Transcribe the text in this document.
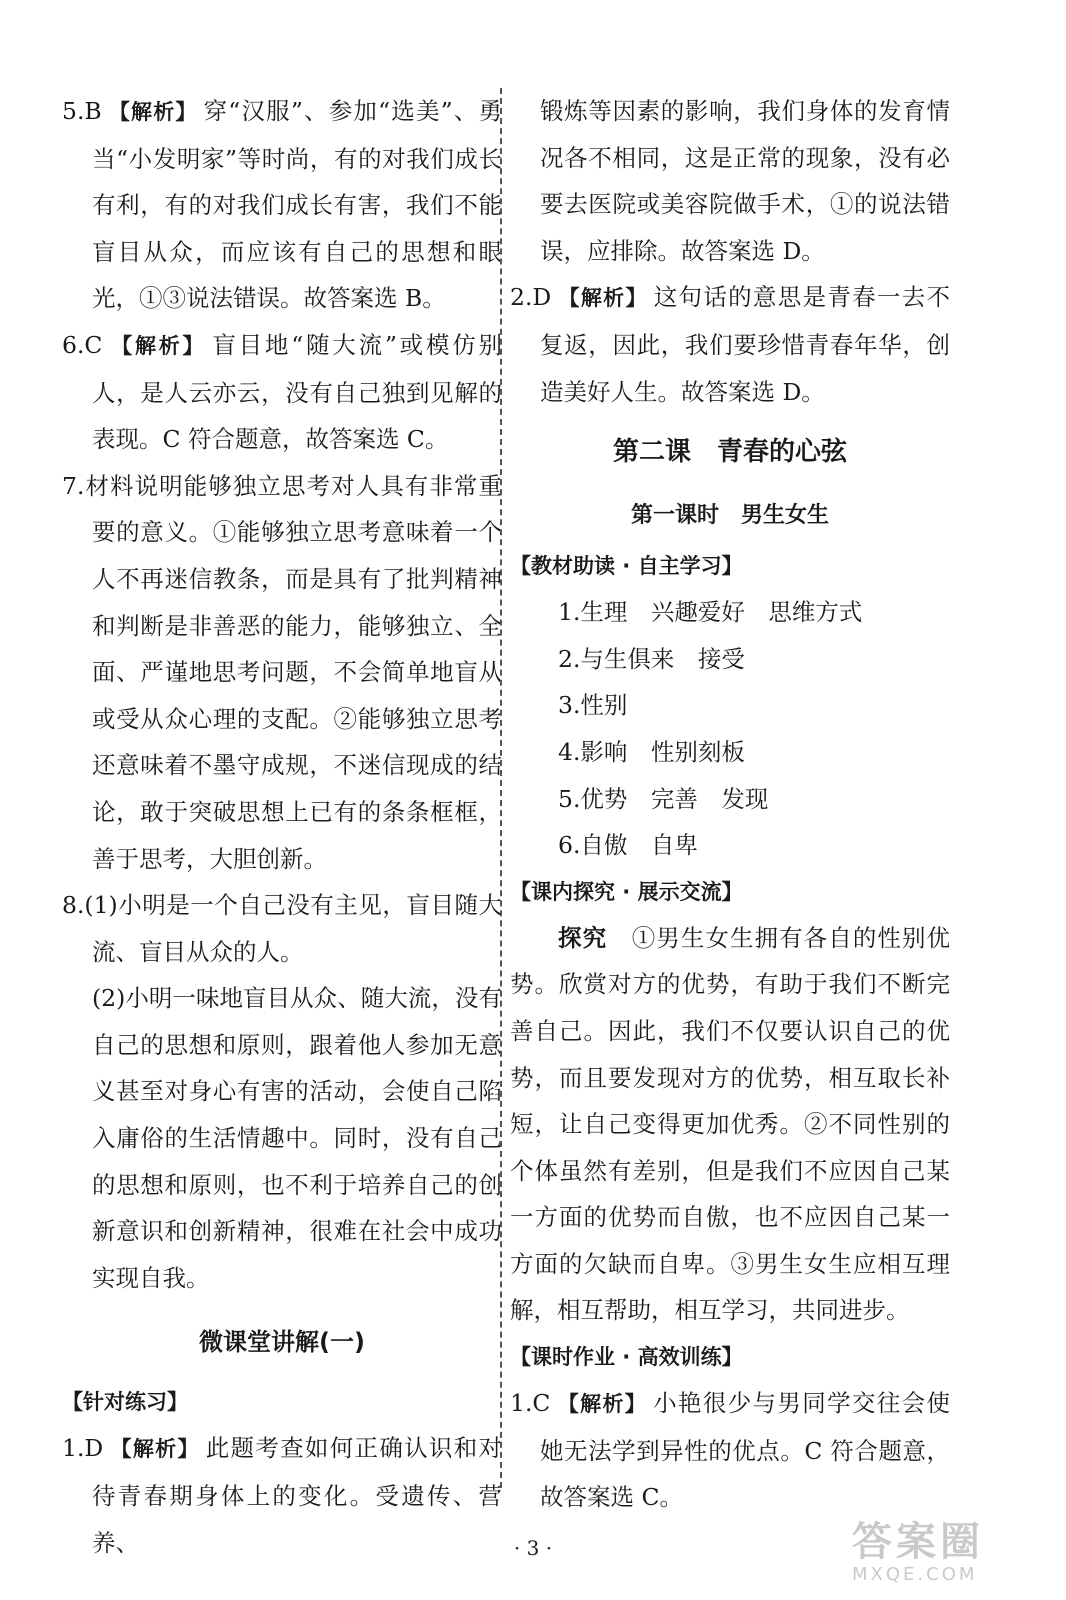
5.B 【解析】 穿“汉服”、参加“选美”、勇当“小发明家”等时尚，有的对我们成长有利，有的对我们成长有害，我们不能盲目从众，而应该有自己的思想和眼光，①③说法错误。故答案选 B。

6.C 【解析】 盲目地“随大流”或模仿别人，是人云亦云，没有自己独到见解的表现。C 符合题意，故答案选 C。

7.材料说明能够独立思考对人具有非常重要的意义。①能够独立思考意味着一个人不再迷信教条，而是具有了批判精神和判断是非善恶的能力，能够独立、全面、严谨地思考问题，不会简单地盲从或受从众心理的支配。②能够独立思考还意味着不墨守成规，不迷信现成的结论，敢于突破思想上已有的条条框框，善于思考，大胆创新。

8.(1)小明是一个自己没有主见，盲目随大流、盲目从众的人。

(2)小明一味地盲目从众、随大流，没有自己的思想和原则，跟着他人参加无意义甚至对身心有害的活动，会使自己陷入庸俗的生活情趣中。同时，没有自己的思想和原则，也不利于培养自己的创新意识和创新精神，很难在社会中成功实现自我。

微课堂讲解(一)

【针对练习】

1.D 【解析】 此题考查如何正确认识和对待青春期身体上的变化。受遗传、营养、

锻炼等因素的影响，我们身体的发育情况各不相同，这是正常的现象，没有必要去医院或美容院做手术，①的说法错误，应排除。故答案选 D。

2.D 【解析】 这句话的意思是青春一去不复返，因此，我们要珍惜青春年华，创造美好人生。故答案选 D。

第二课　青春的心弦

第一课时　男生女生

【教材助读 · 自主学习】

1.生理　兴趣爱好　思维方式

2.与生俱来　接受

3.性别

4.影响　性别刻板

5.优势　完善　发现

6.自傲　自卑

【课内探究 · 展示交流】

探究　 ①男生女生拥有各自的性别优势。欣赏对方的优势，有助于我们不断完善自己。因此，我们不仅要认识自己的优势，而且要发现对方的优势，相互取长补短，让自己变得更加优秀。②不同性别的个体虽然有差别，但是我们不应因自己某一方面的优势而自傲，也不应因自己某一方面的欠缺而自卑。③男生女生应相互理解，相互帮助，相互学习，共同进步。

【课时作业 · 高效训练】

1.C 【解析】 小艳很少与男同学交往会使她无法学到异性的优点。C 符合题意，故答案选 C。

· 3 ·	答案圈
MXQE.COM
